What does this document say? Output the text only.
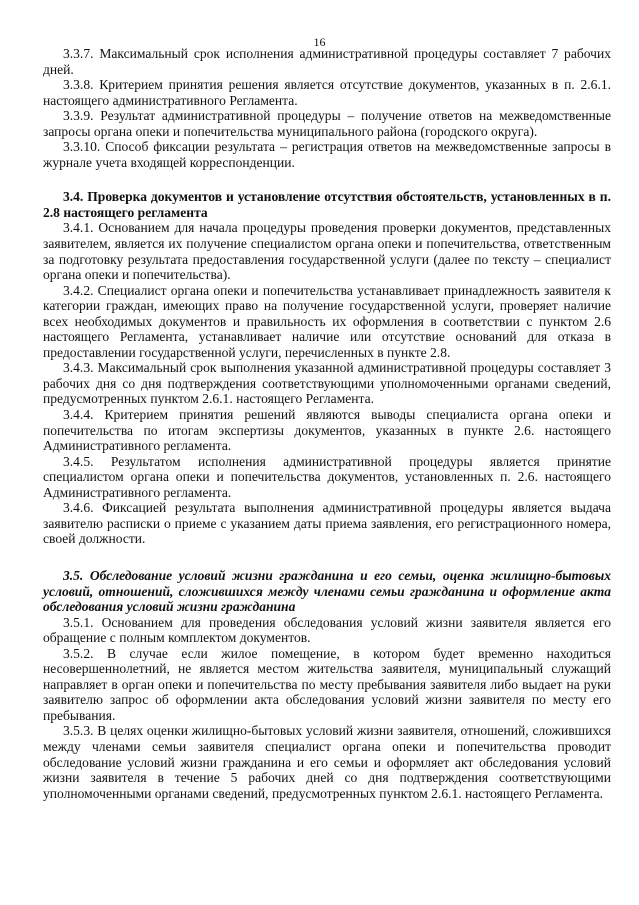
16

3.3.7. Максимальный срок исполнения административной процедуры составляет 7 рабочих дней.

3.3.8. Критерием принятия решения является отсутствие документов, указанных в п. 2.6.1. настоящего административного Регламента.

3.3.9. Результат административной процедуры – получение ответов на межведомственные запросы органа опеки и попечительства муниципального района (городского округа).

3.3.10. Способ фиксации результата – регистрация ответов на межведомственные запросы в журнале учета входящей корреспонденции.

3.4. Проверка документов и установление отсутствия обстоятельств, установленных в п. 2.8 настоящего регламента

3.4.1. Основанием для начала процедуры проведения проверки документов, представленных заявителем, является их получение специалистом органа опеки и попечительства, ответственным за подготовку результата предоставления государственной услуги (далее по тексту – специалист органа опеки и попечительства).

3.4.2. Специалист органа опеки и попечительства устанавливает принадлежность заявителя к категории граждан, имеющих право на получение государственной услуги, проверяет наличие всех необходимых документов и правильность их оформления в соответствии с пунктом 2.6 настоящего Регламента, устанавливает наличие или отсутствие оснований для отказа в предоставлении государственной услуги, перечисленных в пункте 2.8.

3.4.3. Максимальный срок выполнения указанной административной процедуры составляет 3 рабочих дня со дня подтверждения соответствующими уполномоченными органами сведений, предусмотренных пунктом 2.6.1. настоящего Регламента.

3.4.4. Критерием принятия решений являются выводы специалиста органа опеки и попечительства по итогам экспертизы документов, указанных в пункте 2.6. настоящего Административного регламента.

3.4.5. Результатом исполнения административной процедуры является принятие специалистом органа опеки и попечительства документов, установленных п. 2.6. настоящего Административного регламента.

3.4.6. Фиксацией результата выполнения административной процедуры является выдача заявителю расписки о приеме с указанием даты приема заявления, его регистрационного номера, своей должности.

3.5. Обследование условий жизни гражданина и его семьи, оценка жилищно-бытовых условий, отношений, сложившихся между членами семьи гражданина и оформление акта обследования условий жизни гражданина

3.5.1. Основанием для проведения обследования условий жизни заявителя является его обращение с полным комплектом документов.

3.5.2. В случае если жилое помещение, в котором будет временно находиться несовершеннолетний, не является местом жительства заявителя, муниципальный служащий направляет в орган опеки и попечительства по месту пребывания заявителя либо выдает на руки заявителю запрос об оформлении акта обследования условий жизни заявителя по месту его пребывания.

3.5.3. В целях оценки жилищно-бытовых условий жизни заявителя, отношений, сложившихся между членами семьи заявителя специалист органа опеки и попечительства проводит обследование условий жизни гражданина и его семьи и оформляет акт обследования условий жизни заявителя в течение 5 рабочих дней со дня подтверждения соответствующими уполномоченными органами сведений, предусмотренных пунктом 2.6.1. настоящего Регламента.
